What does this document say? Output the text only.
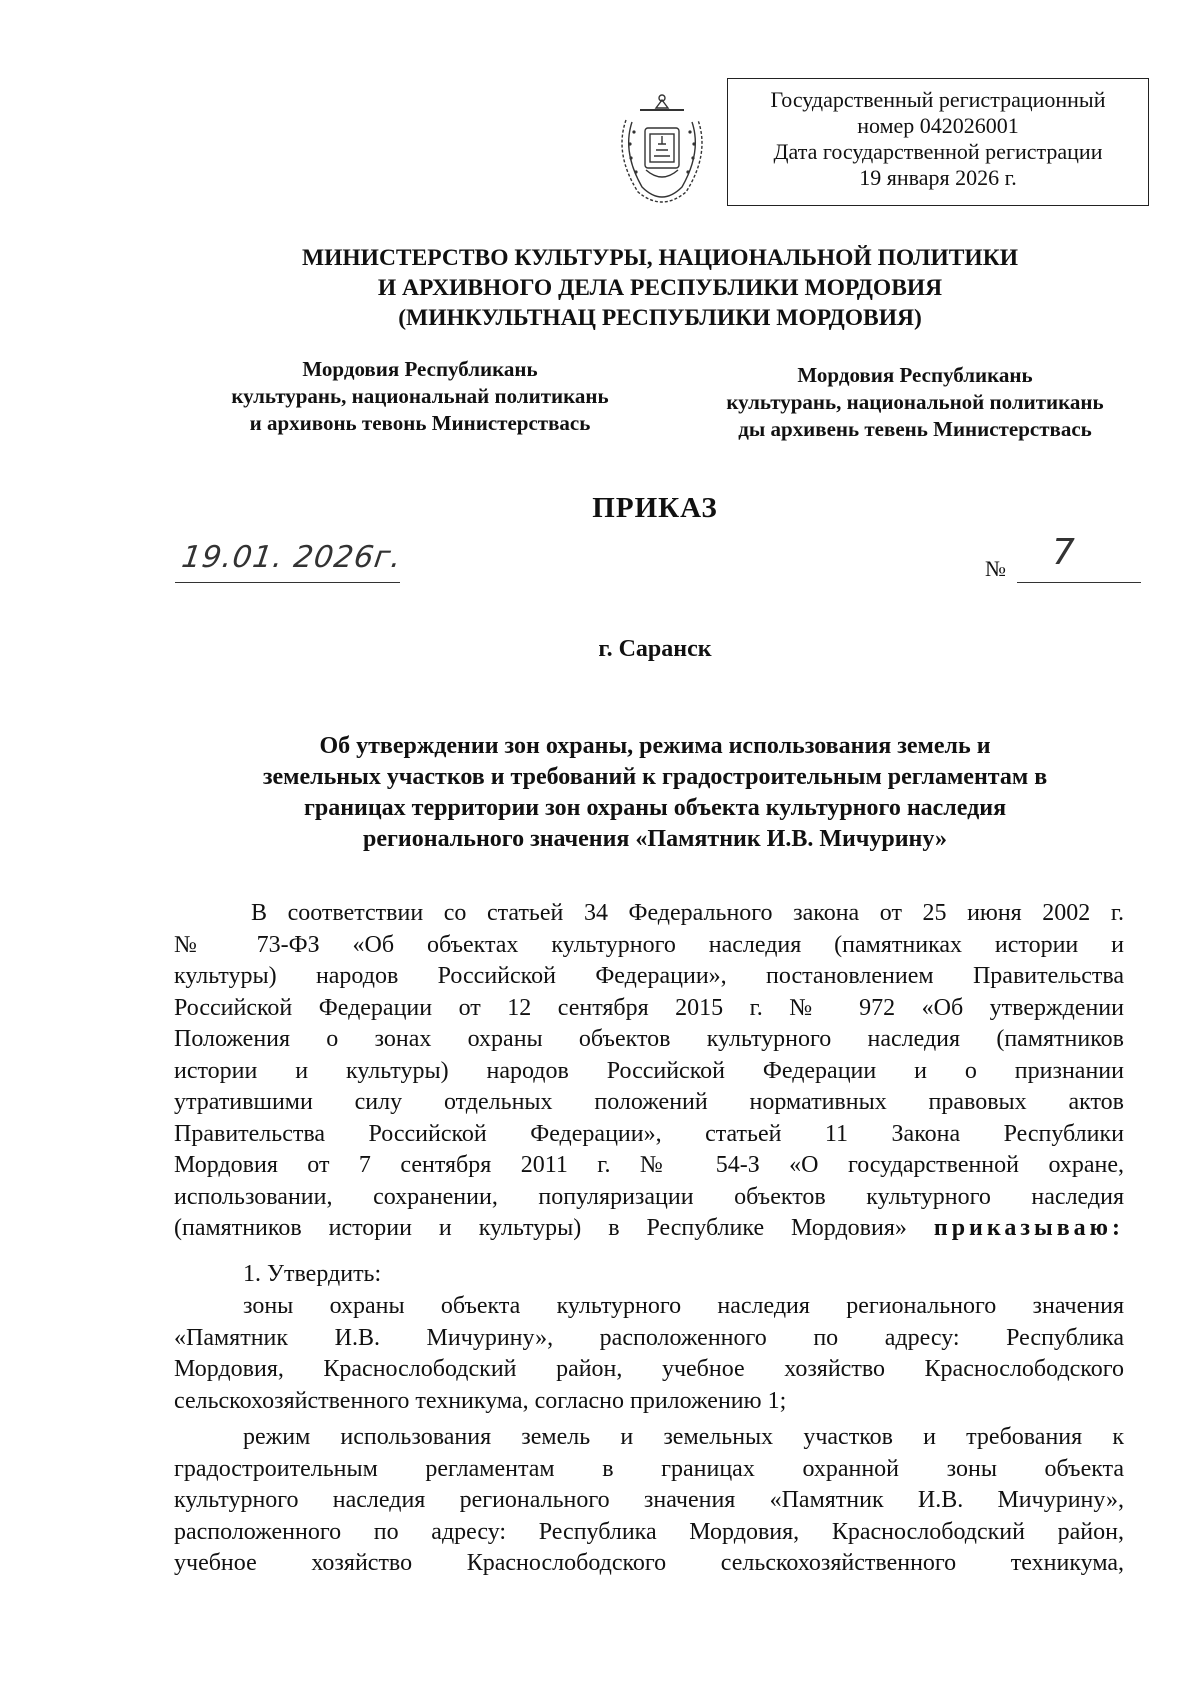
Государственный регистрационный
номер 042026001
Дата государственной регистрации
19 января 2026 г.
МИНИСТЕРСТВО КУЛЬТУРЫ, НАЦИОНАЛЬНОЙ ПОЛИТИКИ
И АРХИВНОГО ДЕЛА РЕСПУБЛИКИ МОРДОВИЯ
(МИНКУЛЬТНАЦ РЕСПУБЛИКИ МОРДОВИЯ)
Мордовия Республикань
культурань, национальнай политикань
и архивонь тевонь Министерствась
Мордовия Республикань
культурань, национальной политикань
ды архивень тевень Министерствась
ПРИКАЗ
19.01. 2026г.	№ 7
г. Саранск
Об утверждении зон охраны, режима использования земель и
земельных участков и требований к градостроительным регламентам в
границах территории зон охраны объекта культурного наследия
регионального значения «Памятник И.В. Мичурину»
В соответствии со статьей 34 Федерального закона от 25 июня 2002 г.
№ 73-ФЗ «Об объектах культурного наследия (памятниках истории и
культуры) народов Российской Федерации», постановлением Правительства
Российской Федерации от 12 сентября 2015 г. № 972 «Об утверждении
Положения о зонах охраны объектов культурного наследия (памятников
истории и культуры) народов Российской Федерации и о признании
утратившими силу отдельных положений нормативных правовых актов
Правительства Российской Федерации», статьей 11 Закона Республики
Мордовия от 7 сентября 2011 г. № 54-З «О государственной охране,
использовании, сохранении, популяризации объектов культурного наследия
(памятников истории и культуры) в Республике Мордовия» приказываю:
1. Утвердить:
зоны охраны объекта культурного наследия регионального значения
«Памятник И.В. Мичурину», расположенного по адресу: Республика
Мордовия, Краснослободский район, учебное хозяйство Краснослободского
сельскохозяйственного техникума, согласно приложению 1;
режим использования земель и земельных участков и требования к
градостроительным регламентам в границах охранной зоны объекта
культурного наследия регионального значения «Памятник И.В. Мичурину»,
расположенного по адресу: Республика Мордовия, Краснослободский район,
учебное хозяйство Краснослободского сельскохозяйственного техникума,
